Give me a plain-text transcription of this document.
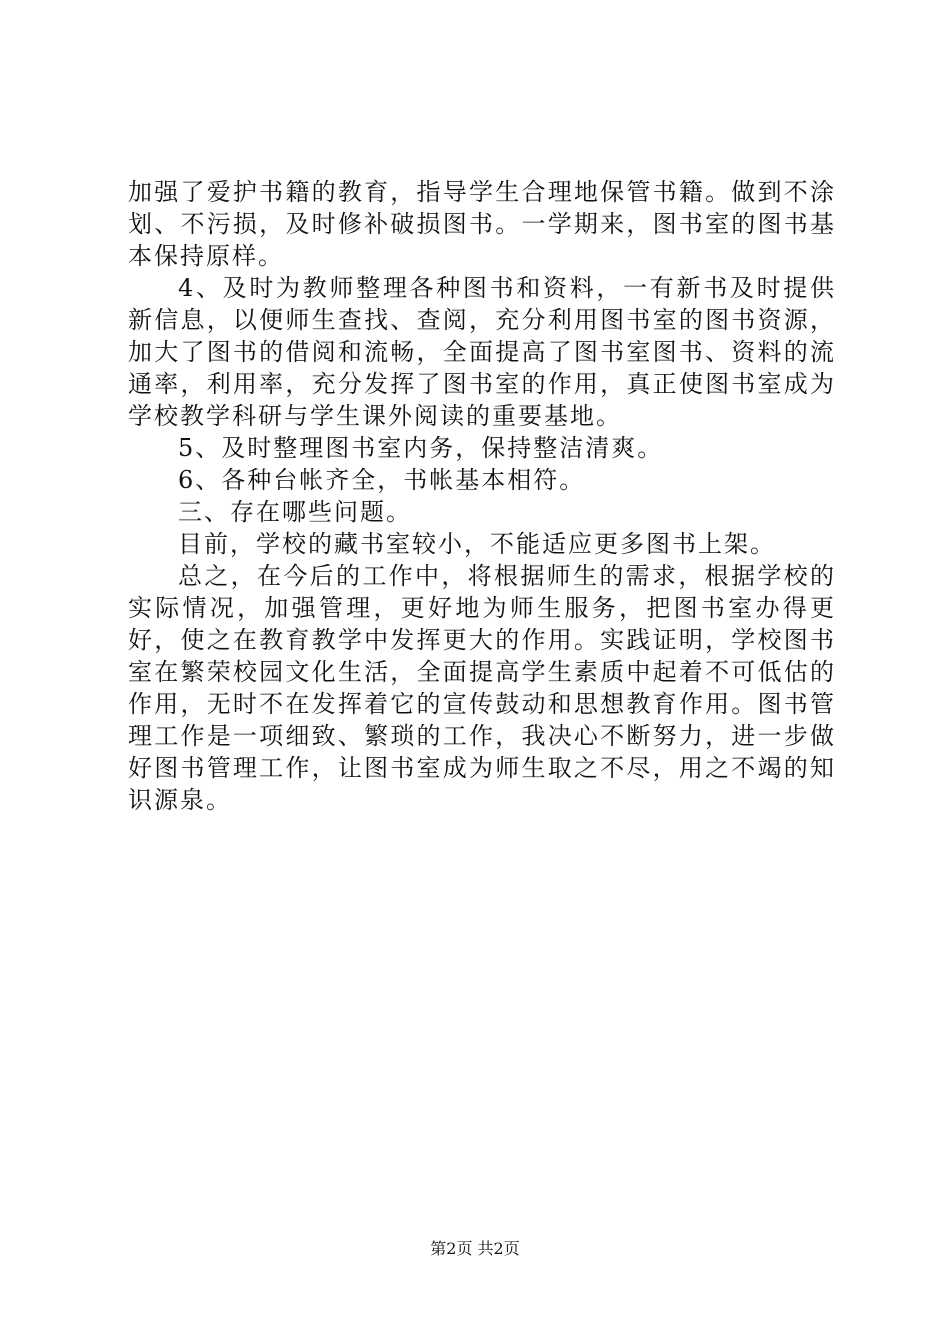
加强了爱护书籍的教育，指导学生合理地保管书籍。做到不涂划、不污损，及时修补破损图书。一学期来，图书室的图书基本保持原样。

4、及时为教师整理各种图书和资料，一有新书及时提供新信息，以便师生查找、查阅，充分利用图书室的图书资源，加大了图书的借阅和流畅，全面提高了图书室图书、资料的流通率，利用率，充分发挥了图书室的作用，真正使图书室成为学校教学科研与学生课外阅读的重要基地。

5、及时整理图书室内务，保持整洁清爽。

6、各种台帐齐全，书帐基本相符。

三、存在哪些问题。

目前，学校的藏书室较小，不能适应更多图书上架。

总之，在今后的工作中，将根据师生的需求，根据学校的实际情况，加强管理，更好地为师生服务，把图书室办得更好，使之在教育教学中发挥更大的作用。实践证明，学校图书室在繁荣校园文化生活，全面提高学生素质中起着不可低估的作用，无时不在发挥着它的宣传鼓动和思想教育作用。图书管理工作是一项细致、繁琐的工作，我决心不断努力，进一步做好图书管理工作，让图书室成为师生取之不尽，用之不竭的知识源泉。

第2页 共2页
